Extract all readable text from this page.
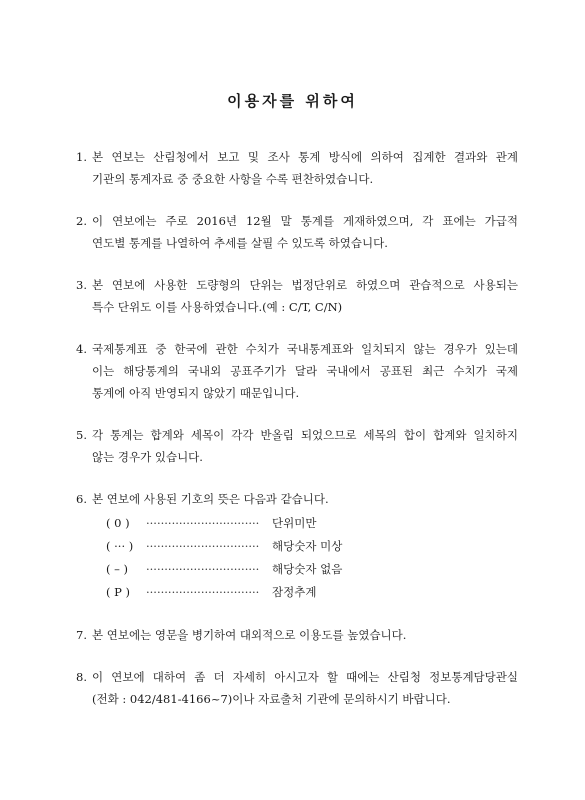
이용자를 위하여
1. 본 연보는 산림청에서 보고 및 조사 통계 방식에 의하여 집계한 결과와 관계
기관의 통계자료 중 중요한 사항을 수록 편찬하였습니다.
2. 이 연보에는 주로 2016년 12월 말 통계를 게재하였으며, 각 표에는 가급적
연도별 통계를 나열하여 추세를 살필 수 있도록 하였습니다.
3. 본 연보에 사용한 도량형의 단위는 법정단위로 하였으며 관습적으로 사용되는
특수 단위도 이를 사용하였습니다.(예 : C/T, C/N)
4. 국제통계표 중 한국에 관한 수치가 국내통계표와 일치되지 않는 경우가 있는데
이는 해당통계의 국내외 공표주기가 달라 국내에서 공표된 최근 수치가 국제
통계에 아직 반영되지 않았기 때문입니다.
5. 각 통계는 합계와 세목이 각각 반올림 되었으므로 세목의 합이 합계와 일치하지
않는 경우가 있습니다.
6. 본 연보에 사용된 기호의 뜻은 다음과 같습니다.
( 0 )	·······························	단위미만
( ··· )	·······························	해당숫자 미상
( – )	·······························	해당숫자 없음
( P )	·······························	잠정추계
7. 본 연보에는 영문을 병기하여 대외적으로 이용도를 높였습니다.
8. 이 연보에 대하여 좀 더 자세히 아시고자 할 때에는 산림청 정보통계담당관실
(전화 : 042/481-4166~7)이나 자료출처 기관에 문의하시기 바랍니다.
